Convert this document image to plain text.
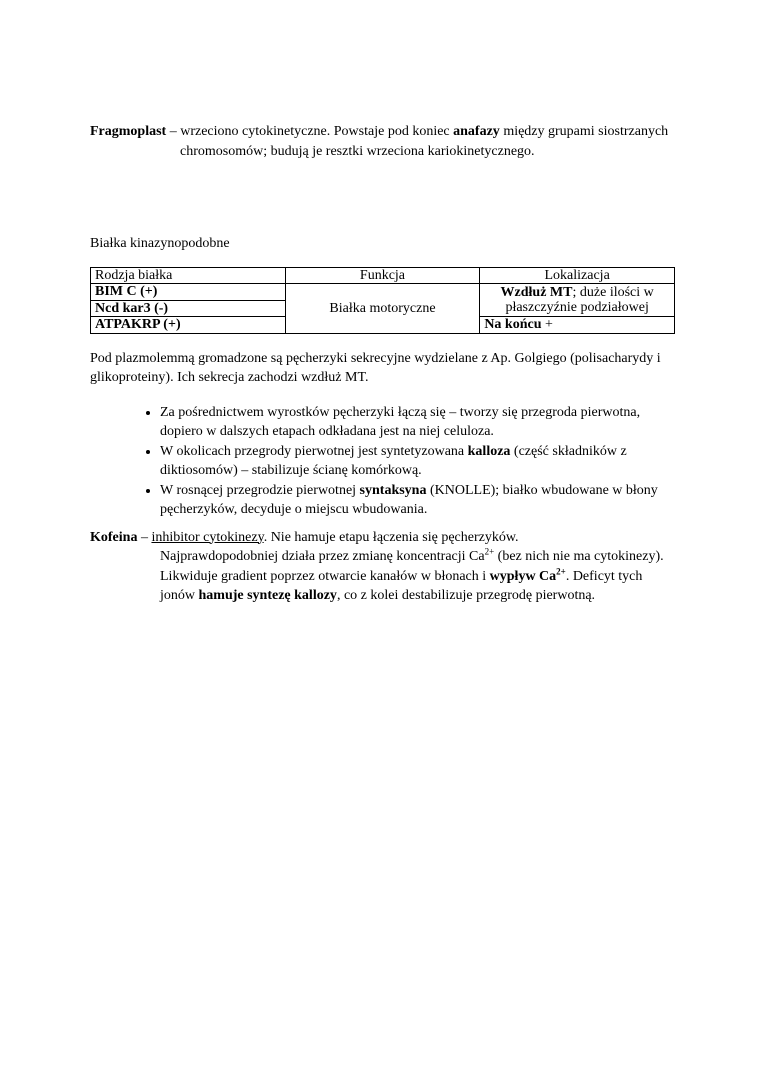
Fragmoplast – wrzeciono cytokinetyczne. Powstaje pod koniec anafazy między grupami siostrzanych chromosomów; budują je resztki wrzeciona kariokinetycznego.

Białka kinazynopodobne

Rodzja białka	Funkcja	Lokalizacja
BIM C (+)	Białka motoryczne	Wzdłuż MT; duże ilości w płaszczyźnie podziałowej
Ncd kar3 (-)		
ATPAKRP (+)		Na końcu +

Pod plazmolemmą gromadzone są pęcherzyki sekrecyjne wydzielane z Ap. Golgiego (polisacharydy i glikoproteiny). Ich sekrecja zachodzi wzdłuż MT.

• Za pośrednictwem wyrostków pęcherzyki łączą się – tworzy się przegroda pierwotna, dopiero w dalszych etapach odkładana jest na niej celuloza.
• W okolicach przegrody pierwotnej jest syntetyzowana kalloza (część składników z diktiosomów) – stabilizuje ścianę komórkową.
• W rosnącej przegrodzie pierwotnej syntaksyna (KNOLLE); białko wbudowane w błony pęcherzyków, decyduje o miejscu wbudowania.
Kofeina – inhibitor cytokinezy. Nie hamuje etapu łączenia się pęcherzyków.
Najprawdopodobniej działa przez zmianę koncentracji $Ca^{2+}$ (bez nich nie ma cytokinezy). Likwiduje gradient poprzez otwarcie kanałów w błonach i wypływ $Ca^{2+}$. Deficyt tych jonów hamuje syntezę kallozy, co z kolei destabilizuje przegrodę pierwotną.
